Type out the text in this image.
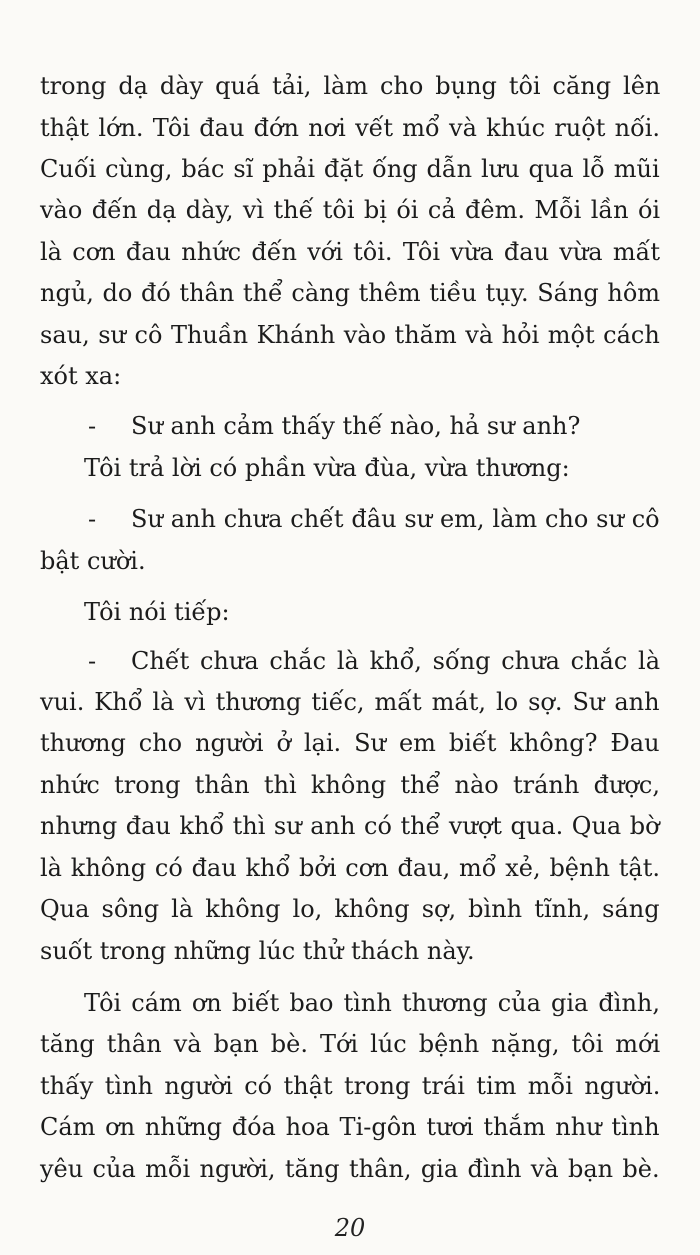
trong dạ dày quá tải, làm cho bụng tôi căng lên

thật lớn. Tôi đau đớn nơi vết mổ và khúc ruột nối.

Cuối cùng, bác sĩ phải đặt ống dẫn lưu qua lỗ mũi

vào đến dạ dày, vì thế tôi bị ói cả đêm. Mỗi lần ói

là cơn đau nhức đến với tôi. Tôi vừa đau vừa mất

ngủ, do đó thân thể càng thêm tiều tụy. Sáng hôm

sau, sư cô Thuần Khánh vào thăm và hỏi một cách

xót xa:

- Sư anh cảm thấy thế nào, hả sư anh?

Tôi trả lời có phần vừa đùa, vừa thương:

- Sư anh chưa chết đâu sư em, làm cho sư cô

bật cười.

Tôi nói tiếp:

- Chết chưa chắc là khổ, sống chưa chắc là

vui. Khổ là vì thương tiếc, mất mát, lo sợ. Sư anh

thương cho người ở lại. Sư em biết không? Đau

nhức trong thân thì không thể nào tránh được,

nhưng đau khổ thì sư anh có thể vượt qua. Qua bờ

là không có đau khổ bởi cơn đau, mổ xẻ, bệnh tật.

Qua sông là không lo, không sợ, bình tĩnh, sáng

suốt trong những lúc thử thách này.

Tôi cám ơn biết bao tình thương của gia đình,

tăng thân và bạn bè. Tới lúc bệnh nặng, tôi mới

thấy tình người có thật trong trái tim mỗi người.

Cám ơn những đóa hoa Ti-gôn tươi thắm như tình

yêu của mỗi người, tăng thân, gia đình và bạn bè.

20
